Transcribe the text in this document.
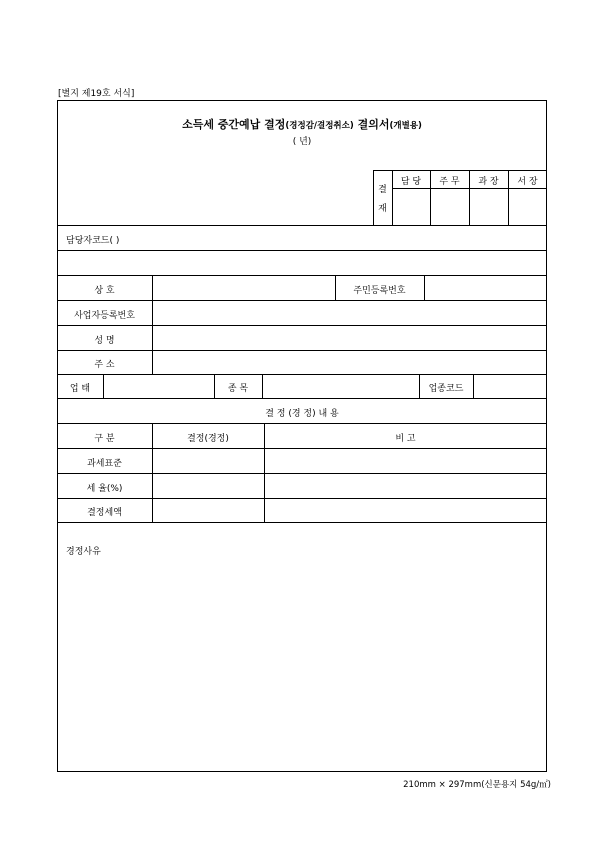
[별지 제19호 서식]
소득세 중간예납 결정(경정감/결정취소) 결의서(개별용)
( 년)
결
재
담 당	주 무	과 장	서 장
담당자코드( )
상 호	주민등록번호
사업자등록번호
성 명
주 소
업 태	종 목	업종코드
결 정 (경 정) 내 용
구 분	결정(경정)	비 고
과세표준
세 율(%)
결정세액
경정사유
210mm × 297mm(신문용지 54g/㎡)
